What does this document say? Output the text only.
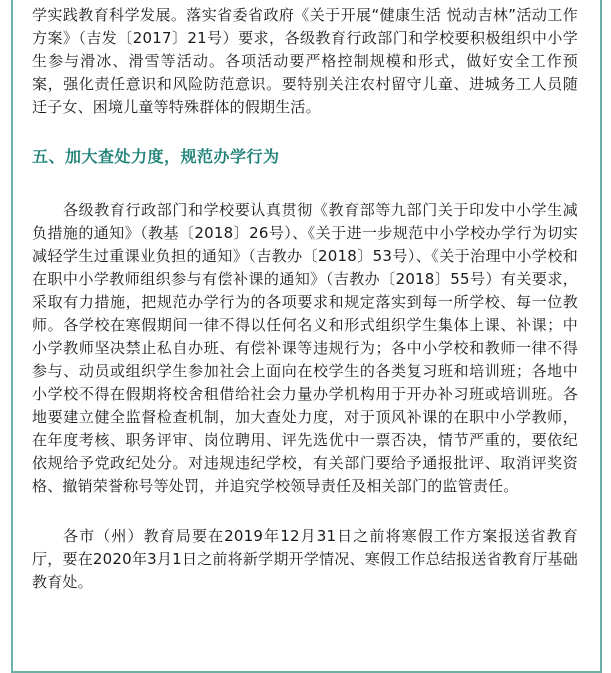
学实践教育科学发展。落实省委省政府《关于开展“健康生活 悦动吉林”活动工作方案》（吉发〔2017〕21号）要求，各级教育行政部门和学校要积极组织中小学生参与滑冰、滑雪等活动。各项活动要严格控制规模和形式，做好安全工作预案，强化责任意识和风险防范意识。要特别关注农村留守儿童、进城务工人员随迁子女、困境儿童等特殊群体的假期生活。

五、加大查处力度，规范办学行为

各级教育行政部门和学校要认真贯彻《教育部等九部门关于印发中小学生减负措施的通知》（教基〔2018〕26号）、《关于进一步规范中小学校办学行为切实减轻学生过重课业负担的通知》（吉教办〔2018〕53号）、《关于治理中小学校和在职中小学教师组织参与有偿补课的通知》（吉教办〔2018〕55号）有关要求，采取有力措施，把规范办学行为的各项要求和规定落实到每一所学校、每一位教师。各学校在寒假期间一律不得以任何名义和形式组织学生集体上课、补课；中小学教师坚决禁止私自办班、有偿补课等违规行为；各中小学校和教师一律不得参与、动员或组织学生参加社会上面向在校学生的各类复习班和培训班；各地中小学校不得在假期将校舍租借给社会力量办学机构用于开办补习班或培训班。各地要建立健全监督检查机制，加大查处力度，对于顶风补课的在职中小学教师，在年度考核、职务评审、岗位聘用、评先选优中一票否决，情节严重的，要依纪依规给予党政纪处分。对违规违纪学校，有关部门要给予通报批评、取消评奖资格、撤销荣誉称号等处罚，并追究学校领导责任及相关部门的监管责任。

各市（州）教育局要在2019年12月31日之前将寒假工作方案报送省教育厅，要在2020年3月1日之前将新学期开学情况、寒假工作总结报送省教育厅基础教育处。
